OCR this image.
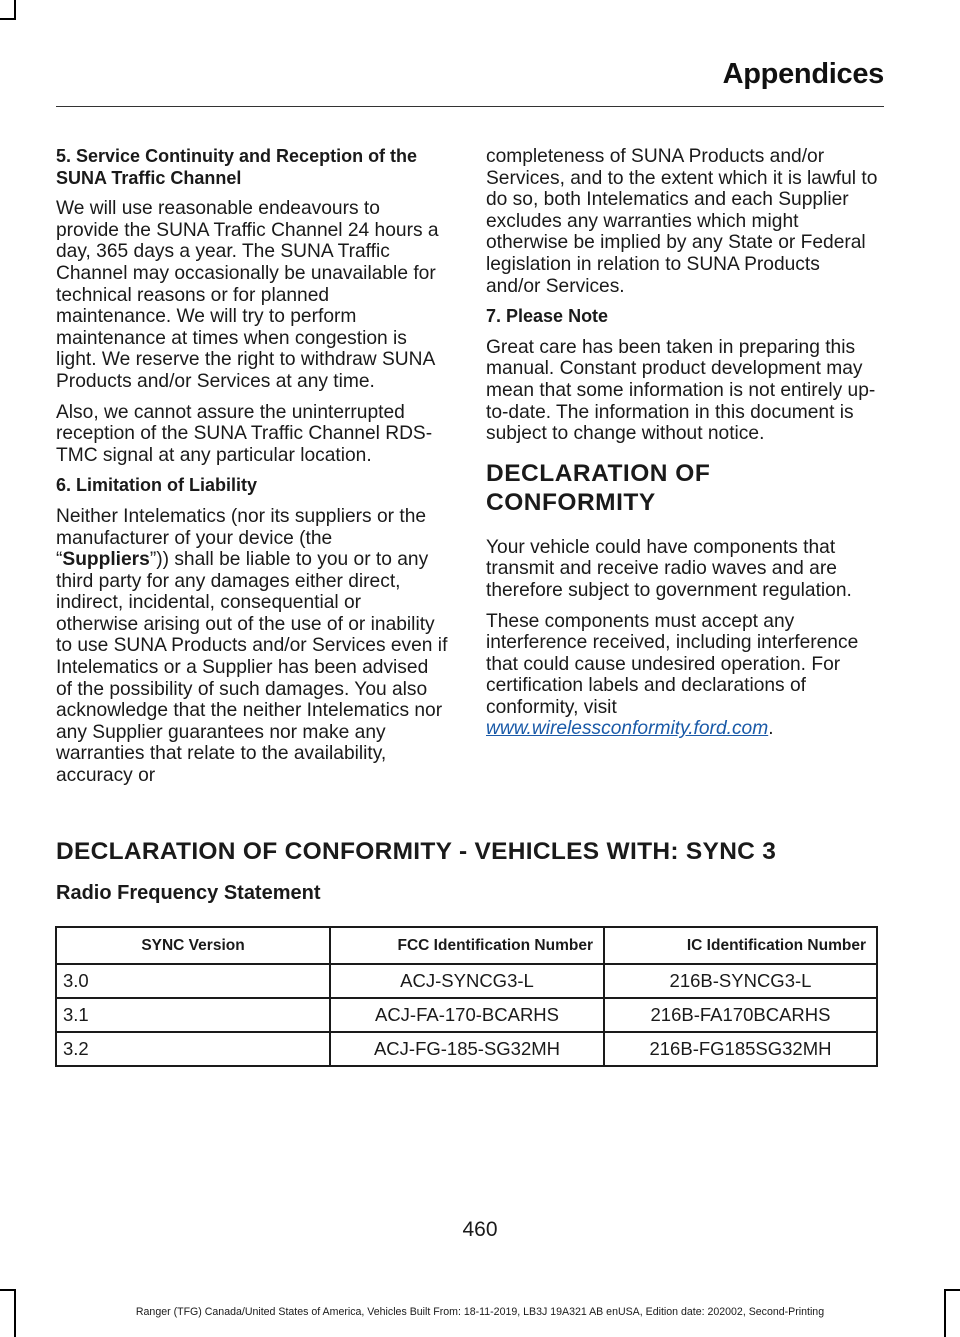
Appendices
5. Service Continuity and Reception of the SUNA Traffic Channel

We will use reasonable endeavours to provide the SUNA Traffic Channel 24 hours a day, 365 days a year. The SUNA Traffic Channel may occasionally be unavailable for technical reasons or for planned maintenance. We will try to perform maintenance at times when congestion is light. We reserve the right to withdraw SUNA Products and/or Services at any time.

Also, we cannot assure the uninterrupted reception of the SUNA Traffic Channel RDS-TMC signal at any particular location.

6. Limitation of Liability

Neither Intelematics (nor its suppliers or the manufacturer of your device (the “Suppliers”)) shall be liable to you or to any third party for any damages either direct, indirect, incidental, consequential or otherwise arising out of the use of or inability to use SUNA Products and/or Services even if Intelematics or a Supplier has been advised of the possibility of such damages. You also acknowledge that the neither Intelematics nor any Supplier guarantees nor make any warranties that relate to the availability, accuracy or

completeness of SUNA Products and/or Services, and to the extent which it is lawful to do so, both Intelematics and each Supplier excludes any warranties which might otherwise be implied by any State or Federal legislation in relation to SUNA Products and/or Services.

7. Please Note

Great care has been taken in preparing this manual. Constant product development may mean that some information is not entirely up-to-date. The information in this document is subject to change without notice.

DECLARATION OF
CONFORMITY

Your vehicle could have components that transmit and receive radio waves and are therefore subject to government regulation.

These components must accept any interference received, including interference that could cause undesired operation. For certification labels and declarations of conformity, visit
www.wirelessconformity.ford.com.

DECLARATION OF CONFORMITY - VEHICLES WITH: SYNC 3
Radio Frequency Statement
SYNC Version	FCC Identification Number	IC Identification Number
3.0	ACJ-SYNCG3-L	216B-SYNCG3-L
3.1	ACJ-FA-170-BCARHS	216B-FA170BCARHS
3.2	ACJ-FG-185-SG32MH	216B-FG185SG32MH
460
Ranger (TFG) Canada/United States of America, Vehicles Built From: 18-11-2019, LB3J 19A321 AB enUSA, Edition date: 202002, Second-Printing
